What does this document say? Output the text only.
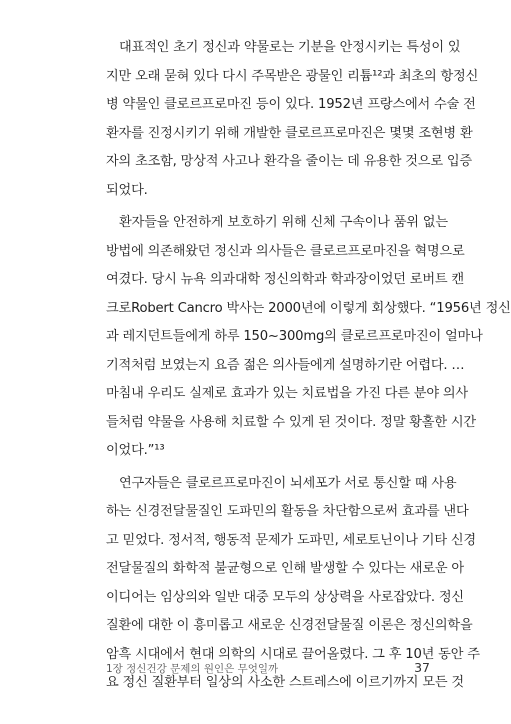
대표적인 초기 정신과 약물로는 기분을 안정시키는 특성이 있
지만 오래 묻혀 있다 다시 주목받은 광물인 리튬¹²과 최초의 항정신
병 약물인 클로르프로마진 등이 있다. 1952년 프랑스에서 수술 전
환자를 진정시키기 위해 개발한 클로르프로마진은 몇몇 조현병 환
자의 초조함, 망상적 사고나 환각을 줄이는 데 유용한 것으로 입증
되었다.
환자들을 안전하게 보호하기 위해 신체 구속이나 품위 없는
방법에 의존해왔던 정신과 의사들은 클로르프로마진을 혁명으로
여겼다. 당시 뉴욕 의과대학 정신의학과 학과장이었던 로버트 캔
크로Robert Cancro 박사는 2000년에 이렇게 회상했다. “1956년 정신
과 레지던트들에게 하루 150~300mg의 클로르프로마진이 얼마나
기적처럼 보였는지 요즘 젊은 의사들에게 설명하기란 어렵다. …
마침내 우리도 실제로 효과가 있는 치료법을 가진 다른 분야 의사
들처럼 약물을 사용해 치료할 수 있게 된 것이다. 정말 황홀한 시간
이었다.”¹³
연구자들은 클로르프로마진이 뇌세포가 서로 통신할 때 사용
하는 신경전달물질인 도파민의 활동을 차단함으로써 효과를 낸다
고 믿었다. 정서적, 행동적 문제가 도파민, 세로토닌이나 기타 신경
전달물질의 화학적 불균형으로 인해 발생할 수 있다는 새로운 아
이디어는 임상의와 일반 대중 모두의 상상력을 사로잡았다. 정신
질환에 대한 이 흥미롭고 새로운 신경전달물질 이론은 정신의학을
암흑 시대에서 현대 의학의 시대로 끌어올렸다. 그 후 10년 동안 주
요 정신 질환부터 일상의 사소한 스트레스에 이르기까지 모든 것
1장 정신건강 문제의 원인은 무엇일까	37
